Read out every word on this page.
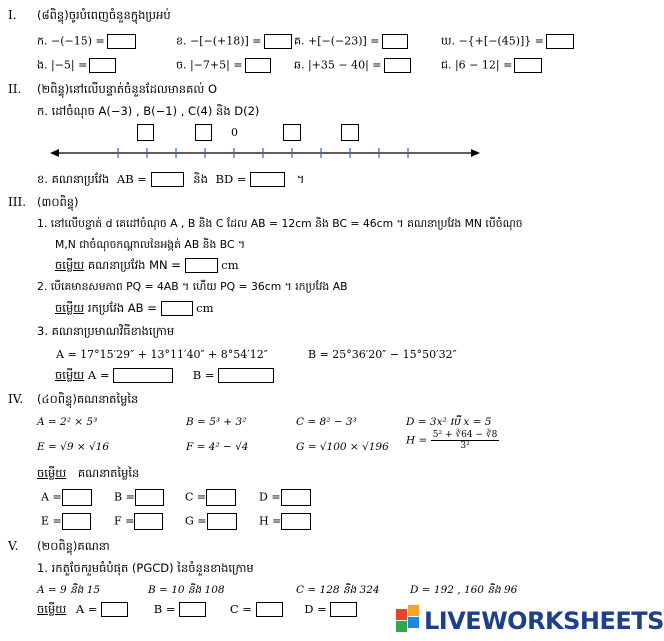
I. (៨ពិន្ទុ)ចូរបំពេញចំនួនក្នុងប្រអប់
ក. −(−15) =	ខ. −[−(+18)] =	គ. +[−(−23)] =	ឃ. −{+[−(45)]} =
ង. |−5| =	ច. |−7+5| =	ឆ. |+35 − 40| =	ជ. |6 − 12| =
II. (២ពិន្ទុ)នៅលើបន្ទាត់ចំនួនដែលមានគល់ O
ក. ដៅចំណុច A(−3) , B(−1) , C(4) និង D(2)
0
ខ. គណនាប្រវែង AB =	និង BD =	។
III. (៣០ពិន្ទុ)
1. នៅលើបន្ទាត់ d គេដៅចំណុច A , B និង C ដែល AB = 12cm និង BC = 46cm ។ គណនាប្រវែង MN បើចំណុច
M,N ជាចំណុចកណ្តាលនៃអង្កត់ AB និង BC ។
ចម្លើយ គណនាប្រវែង MN =	cm
2. បើគេមានសមភាព PQ = 4AB ។ ហើយ PQ = 36cm ។ រកប្រវែង AB
ចម្លើយ រកប្រវែង AB =	cm
3. គណនាប្រមាណវិធីខាងក្រោម
A = 17°15′29″ + 13°11′40″ + 8°54′12″	B = 25°36′20″ − 15°50′32″
ចម្លើយ A =	B =
IV. (៤០ពិន្ទុ)គណនាតម្លៃនៃ
A = 2² × 5³	B = 5³ + 3²	C = 8² − 3³	D = 3x² បើ x = 5
E = √9 × √16	F = 4² − √4	G = √100 × √196
$H = \frac{\text{5² + ∛64 − ∛8}}{\text{3²}}$
ចម្លើយ គណនាតម្លៃនៃ
A =	B =	C =	D =
E =	F =	G =	H =
V. (២០ពិន្ទុ)គណនា
1. រកតួចែករួមធំបំផុត (PGCD) នៃចំនួនខាងក្រោម
A = 9 និង 15	B = 10 និង 108	C = 128 និង 324	D = 192 , 160 និង 96
ចម្លើយ A =	B =	C =	D =	LIVEWORKSHEETS
